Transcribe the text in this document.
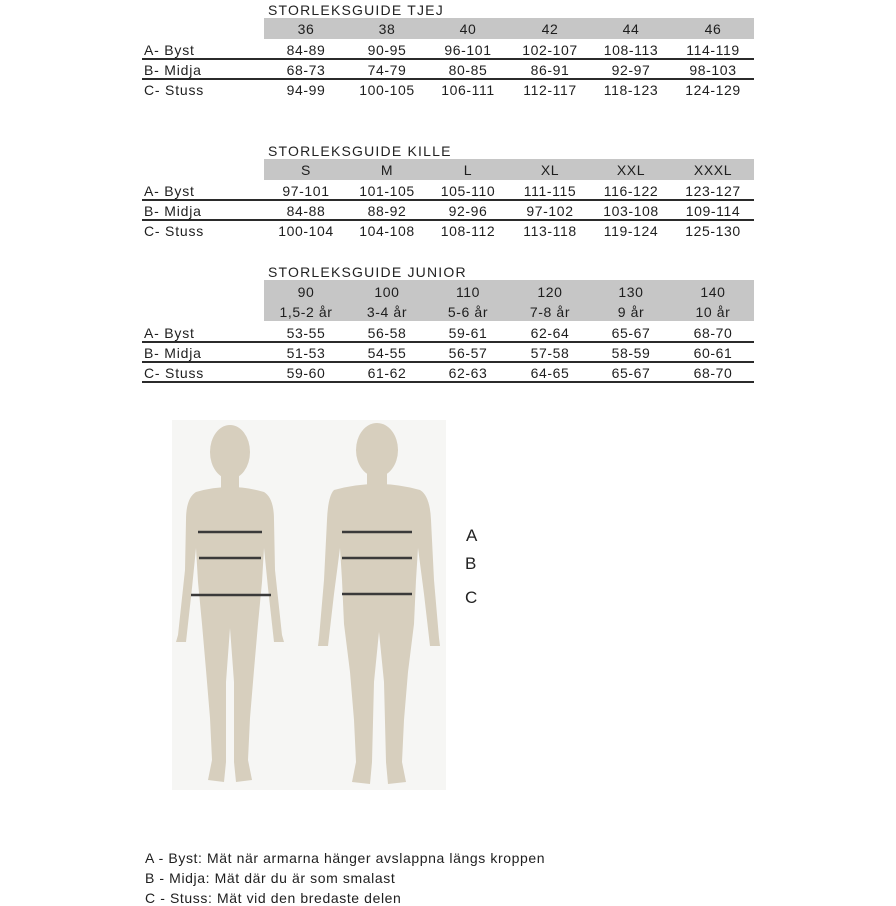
STORLEKSGUIDE TJEJ
36	38	40	42	44	46
A- Byst	84-89	90-95	96-101	102-107	108-113	114-119
B- Midja	68-73	74-79	80-85	86-91	92-97	98-103
C- Stuss	94-99	100-105	106-111	112-117	118-123	124-129
STORLEKSGUIDE KILLE
S	M	L	XL	XXL	XXXL
A- Byst	97-101	101-105	105-110	111-115	116-122	123-127
B- Midja	84-88	88-92	92-96	97-102	103-108	109-114
C- Stuss	100-104	104-108	108-112	113-118	119-124	125-130
STORLEKSGUIDE JUNIOR
90	100	110	120	130	140
1,5-2 år	3-4 år	5-6 år	7-8 år	9 år	10 år
A- Byst	53-55	56-58	59-61	62-64	65-67	68-70
B- Midja	51-53	54-55	56-57	57-58	58-59	60-61
C- Stuss	59-60	61-62	62-63	64-65	65-67	68-70
A
B
C
A - Byst: Mät när armarna hänger avslappna längs kroppen
B - Midja: Mät där du är som smalast
C - Stuss: Mät vid den bredaste delen
